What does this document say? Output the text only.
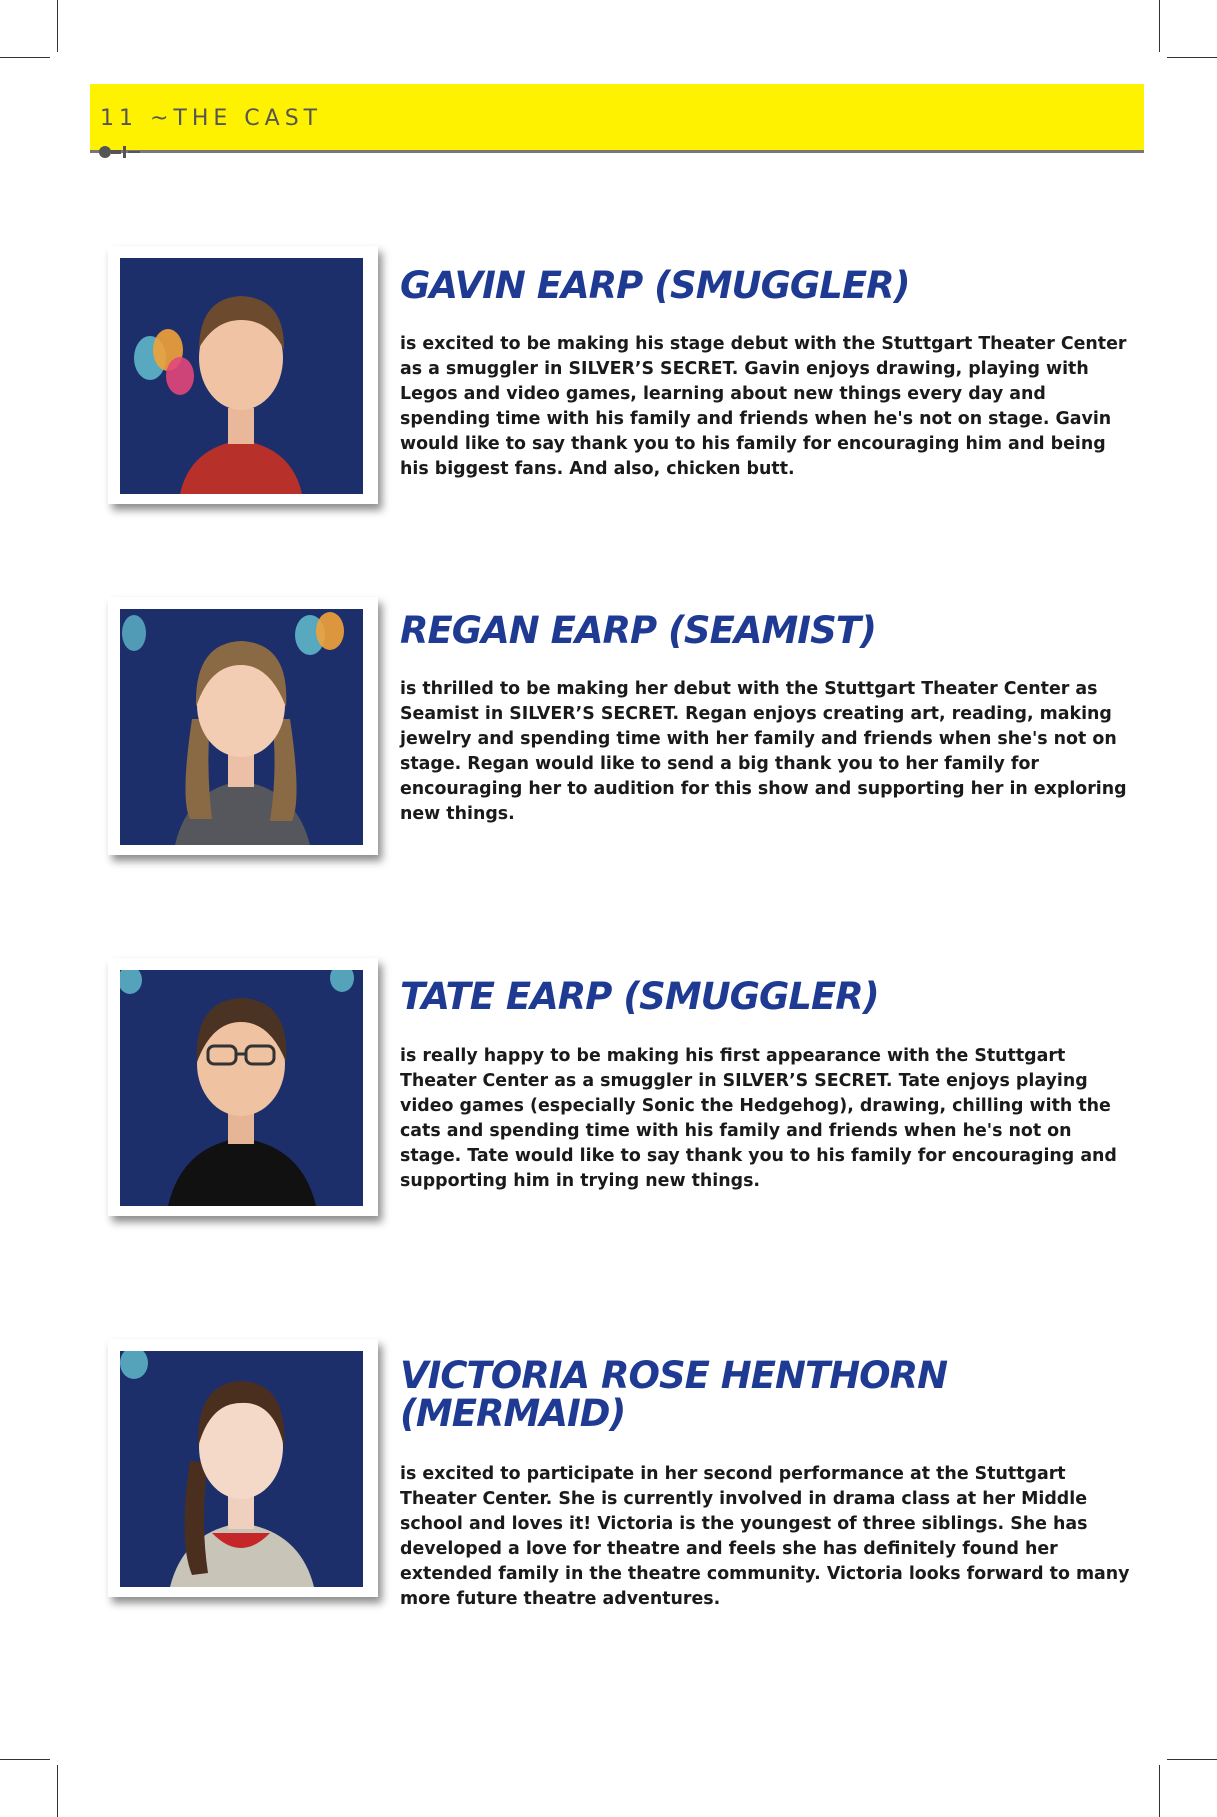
11 ~THE CAST
GAVIN EARP (SMUGGLER)

is excited to be making his stage debut with the Stuttgart Theater Center as a smuggler in SILVER’S SECRET. Gavin enjoys drawing, playing with Legos and video games, learning about new things every day and spending time with his family and friends when he's not on stage. Gavin would like to say thank you to his family for encouraging him and being his biggest fans. And also, chicken butt.

REGAN EARP (SEAMIST)

is thrilled to be making her debut with the Stuttgart Theater Center as Seamist in SILVER’S SECRET. Regan enjoys creating art, reading, making jewelry and spending time with her family and friends when she's not on stage. Regan would like to send a big thank you to her family for encouraging her to audition for this show and supporting her in exploring new things.

TATE EARP (SMUGGLER)

is really happy to be making his first appearance with the Stuttgart Theater Center as a smuggler in SILVER’S SECRET. Tate enjoys playing video games (especially Sonic the Hedgehog), drawing, chilling with the cats and spending time with his family and friends when he's not on stage. Tate would like to say thank you to his family for encouraging and supporting him in trying new things.

VICTORIA ROSE HENTHORN (MERMAID)

is excited to participate in her second performance at the Stuttgart Theater Center. She is currently involved in drama class at her Middle school and loves it! Victoria is the youngest of three siblings. She has developed a love for theatre and feels she has definitely found her extended family in the theatre community. Victoria looks forward to many more future theatre adventures.
